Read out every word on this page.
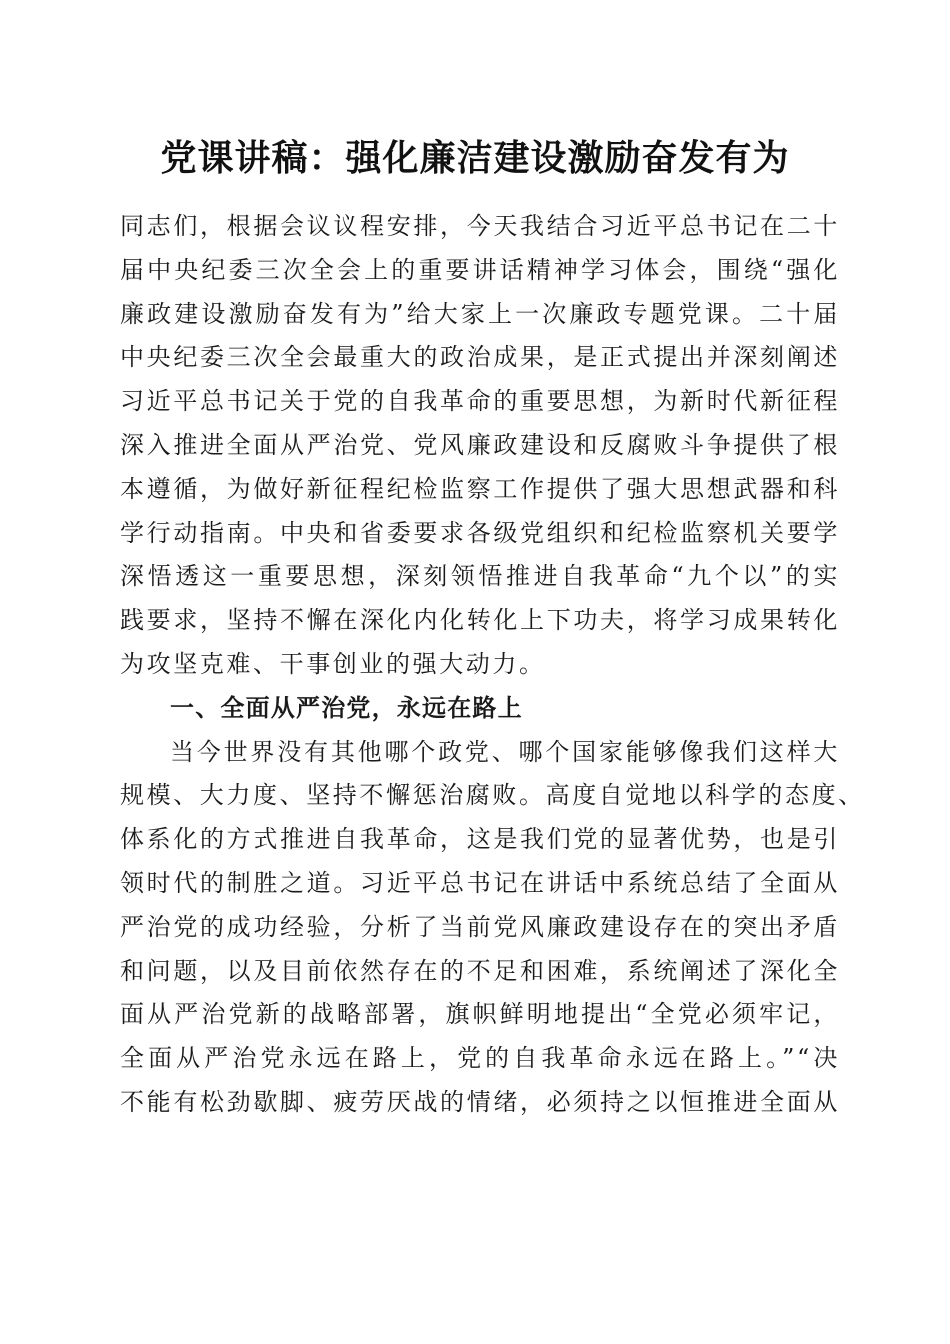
党课讲稿：强化廉洁建设激励奋发有为
同志们，根据会议议程安排，今天我结合习近平总书记在二十
届中央纪委三次全会上的重要讲话精神学习体会，围绕“强化
廉政建设激励奋发有为”给大家上一次廉政专题党课。二十届
中央纪委三次全会最重大的政治成果，是正式提出并深刻阐述
习近平总书记关于党的自我革命的重要思想，为新时代新征程
深入推进全面从严治党、党风廉政建设和反腐败斗争提供了根
本遵循，为做好新征程纪检监察工作提供了强大思想武器和科
学行动指南。中央和省委要求各级党组织和纪检监察机关要学
深悟透这一重要思想，深刻领悟推进自我革命“九个以”的实
践要求，坚持不懈在深化内化转化上下功夫，将学习成果转化
为攻坚克难、干事创业的强大动力。
一、全面从严治党，永远在路上
当今世界没有其他哪个政党、哪个国家能够像我们这样大
规模、大力度、坚持不懈惩治腐败。高度自觉地以科学的态度、
体系化的方式推进自我革命，这是我们党的显著优势，也是引
领时代的制胜之道。习近平总书记在讲话中系统总结了全面从
严治党的成功经验，分析了当前党风廉政建设存在的突出矛盾
和问题，以及目前依然存在的不足和困难，系统阐述了深化全
面从严治党新的战略部署，旗帜鲜明地提出“全党必须牢记，
全面从严治党永远在路上，党的自我革命永远在路上。”“决
不能有松劲歇脚、疲劳厌战的情绪，必须持之以恒推进全面从
